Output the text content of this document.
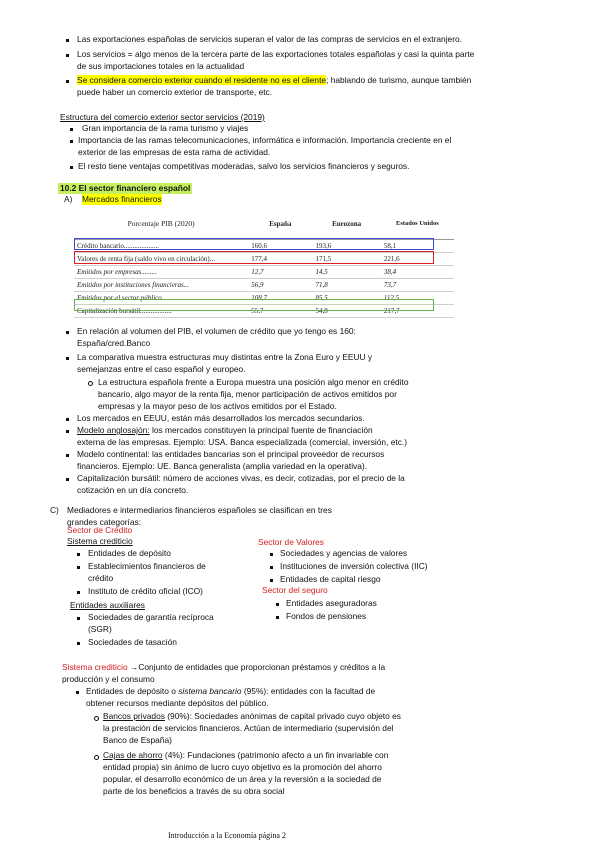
Las exportaciones españolas de servicios superan el valor de las compras de servicios en el extranjero.
Los servicios = algo menos de la tercera parte de las exportaciones totales españolas y casi la quinta parte
de sus importaciones totales en la actualidad
Se considera comercio exterior cuando el residente no es el cliente; hablando de turismo, aunque también
puede haber un comercio exterior de transporte, etc.
Estructura del comercio exterior sector servicios (2019)
Gran importancia de la rama turismo y viajes
Importancia de las ramas telecomunicaciones, informática e información. Importancia creciente en el
exterior de las empresas de esta rama de actividad.
El resto tiene ventajas competitivas moderadas, salvo los servicios financieros y seguros.
10.2 El sector financiero español
A) Mercados financieros
Porcentaje PIB (2020)	España	Eurozona	Estados Unidos
Crédito bancario....................	160,6	193,6	58,1
Valores de renta fija (saldo vivo en circulación)...	177,4	171,5	221,6
Emitidos por empresas.........	12,7	14,5	38,4
Emitidos por instituciones financieras...	56,9	71,8	73,7
Emitidos por el sector público.....	108,7	85,5	112,5
Capitalización bursátil..................	55,7	54,8	217,7
En relación al volumen del PIB, el volumen de crédito que yo tengo es 160:
España/cred.Banco
La comparativa muestra estructuras muy distintas entre la Zona Euro y EEUU y
semejanzas entre el caso español y europeo.
La estructura española frente a Europa muestra una posición algo menor en crédito
bancario, algo mayor de la renta fija, menor participación de activos emitidos por
empresas y la mayor peso de los activos emitidos por el Estado.
Los mercados en EEUU, están más desarrollados los mercados secundarios.
Modelo anglosajón: los mercados constituyen la principal fuente de financiación
externa de las empresas. Ejemplo: USA. Banca especializada (comercial, inversión, etc.)
Modelo continental: las entidades bancarias son el principal proveedor de recursos
financieros. Ejemplo: UE. Banca generalista (amplia variedad en la operativa).
Capitalización bursátil: número de acciones vivas, es decir, cotizadas, por el precio de la
cotización en un día concreto.
C) Mediadores e intermediarios financieros españoles se clasifican en tres
grandes categorías:
Sector de Crédito
Sistema crediticio
Entidades de depósito
Establecimientos financieros de
crédito
Instituto de crédito oficial (ICO)
Entidades auxiliares
Sociedades de garantía recíproca
(SGR)
Sociedades de tasación
Sector de Valores
Sociedades y agencias de valores
Instituciones de inversión colectiva (IIC)
Entidades de capital riesgo
Sector del seguro
Entidades aseguradoras
Fondos de pensiones
Sistema crediticio →Conjunto de entidades que proporcionan préstamos y créditos a la
producción y el consumo
Entidades de depósito o sistema bancario (95%): entidades con la facultad de
obtener recursos mediante depósitos del público.
Bancos privados (90%): Sociedades anónimas de capital privado cuyo objeto es
la prestación de servicios financieros. Actúan de intermediario (supervisión del
Banco de España)
Cajas de ahorro (4%): Fundaciones (patrimonio afecto a un fin invariable con
entidad propia) sin ánimo de lucro cuyo objetivo es la promoción del ahorro
popular, el desarrollo económico de un área y la reversión a la sociedad de
parte de los beneficios a través de su obra social
Introducción a la Economía página 2
